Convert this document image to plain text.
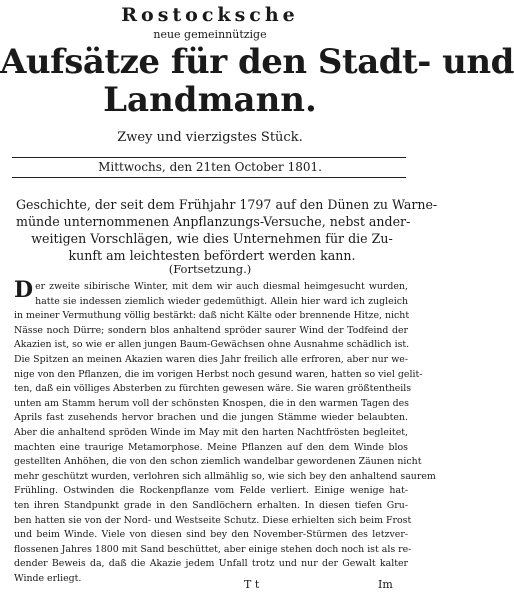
Rostocksche
neue gemeinnützige
Aufsätze für den Stadt- und
Landmann.
Zwey und vierzigstes Stück.
Mittwochs, den 21ten October 1801.
Geschichte, der seit dem Frühjahr 1797 auf den Dünen zu Warne-
münde unternommenen Anpflanzungs-Versuche, nebst ander-
weitigen Vorschlägen, wie dies Unternehmen für die Zu-
kunft am leichtesten befördert werden kann.
(Fortsetzung.)
D er zweite sibirische Winter, mit dem wir auch diesmal heimgesucht wurden,
hatte sie indessen ziemlich wieder gedemüthigt. Allein hier ward ich zugleich
in meiner Vermuthung völlig bestärkt: daß nicht Kälte oder brennende Hitze, nicht
Nässe noch Dürre; sondern blos anhaltend spröder saurer Wind der Todfeind der
Akazien ist, so wie er allen jungen Baum-Gewächsen ohne Ausnahme schädlich ist.
Die Spitzen an meinen Akazien waren dies Jahr freilich alle erfroren, aber nur we-
nige von den Pflanzen, die im vorigen Herbst noch gesund waren, hatten so viel gelit-
ten, daß ein völliges Absterben zu fürchten gewesen wäre. Sie waren größtentheils
unten am Stamm herum voll der schönsten Knospen, die in den warmen Tagen des
Aprils fast zusehends hervor brachen und die jungen Stämme wieder belaubten.
Aber die anhaltend spröden Winde im May mit den harten Nachtfrösten begleitet,
machten eine traurige Metamorphose. Meine Pflanzen auf den dem Winde blos
gestellten Anhöhen, die von den schon ziemlich wandelbar gewordenen Zäunen nicht
mehr geschützt wurden, verlohren sich allmählig so, wie sich bey den anhaltend saurem
Frühling. Ostwinden die Rockenpflanze vom Felde verliert. Einige wenige hat-
ten ihren Standpunkt grade in den Sandlöchern erhalten. In diesen tiefen Gru-
ben hatten sie von der Nord- und Westseite Schutz. Diese erhielten sich beim Frost
und beim Winde. Viele von diesen sind bey den November-Stürmen des letzver-
flossenen Jahres 1800 mit Sand beschüttet, aber einige stehen doch noch ist als re-
dender Beweis da, daß die Akazie jedem Unfall trotz und nur der Gewalt kalter
Winde erliegt.	T t	Im
